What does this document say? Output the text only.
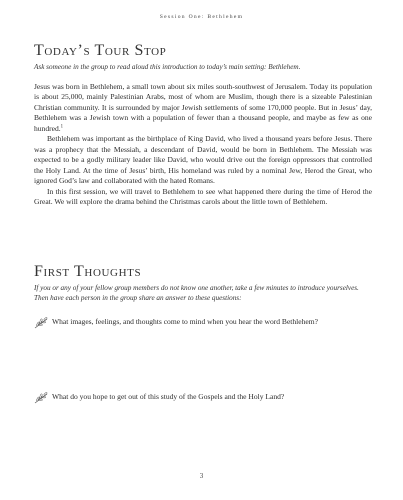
Session One: Bethlehem
Today’s Tour Stop
Ask someone in the group to read aloud this introduction to today’s main setting: Bethlehem.

Jesus was born in Bethlehem, a small town about six miles south-southwest of Jerusalem. Today its population is about 25,000, mainly Palestinian Arabs, most of whom are Muslim, though there is a sizeable Palestinian Christian community. It is surrounded by major Jewish settlements of some 170,000 people. But in Jesus’ day, Bethlehem was a Jewish town with a population of fewer than a thousand people, and maybe as few as one hundred.$^1$

Bethlehem was important as the birthplace of King David, who lived a thousand years before Jesus. There was a prophecy that the Messiah, a descendant of David, would be born in Bethlehem. The Messiah was expected to be a godly military leader like David, who would drive out the foreign oppressors that controlled the Holy Land. At the time of Jesus’ birth, His homeland was ruled by a nominal Jew, Herod the Great, who ignored God’s law and collaborated with the hated Romans.

In this first session, we will travel to Bethlehem to see what happened there during the time of Herod the Great. We will explore the drama behind the Christmas carols about the little town of Bethlehem.

First Thoughts
If you or any of your fellow group members do not know one another, take a few minutes to introduce yourselves. Then have each person in the group share an answer to these questions:
What images, feelings, and thoughts come to mind when you hear the word Bethlehem?
What do you hope to get out of this study of the Gospels and the Holy Land?
3
